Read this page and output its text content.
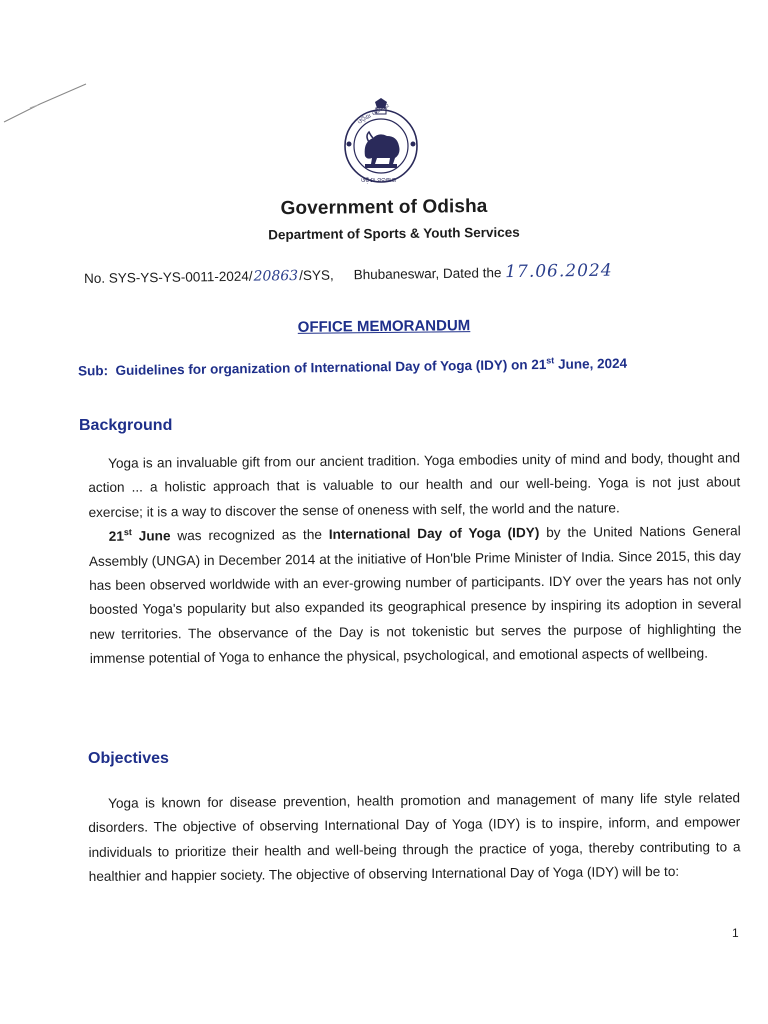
ଓଡ଼ିଶା ସରକାର
ଓଡ଼ିଶା ସରକାର
Government of Odisha
Department of Sports & Youth Services
No. SYS-YS-YS-0011-2024/20863/SYS, Bhubaneswar, Dated the 17.06.2024
OFFICE MEMORANDUM
Sub: Guidelines for organization of International Day of Yoga (IDY) on 21st June, 2024
Background

Yoga is an invaluable gift from our ancient tradition. Yoga embodies unity of mind and body, thought and action ... a holistic approach that is valuable to our health and our well-being. Yoga is not just about exercise; it is a way to discover the sense of oneness with self, the world and the nature.

21st June was recognized as the International Day of Yoga (IDY) by the United Nations General Assembly (UNGA) in December 2014 at the initiative of Hon'ble Prime Minister of India. Since 2015, this day has been observed worldwide with an ever-growing number of participants. IDY over the years has not only boosted Yoga's popularity but also expanded its geographical presence by inspiring its adoption in several new territories. The observance of the Day is not tokenistic but serves the purpose of highlighting the immense potential of Yoga to enhance the physical, psychological, and emotional aspects of wellbeing.

Objectives

Yoga is known for disease prevention, health promotion and management of many life style related disorders. The objective of observing International Day of Yoga (IDY) is to inspire, inform, and empower individuals to prioritize their health and well-being through the practice of yoga, thereby contributing to a healthier and happier society. The objective of observing International Day of Yoga (IDY) will be to:

1
